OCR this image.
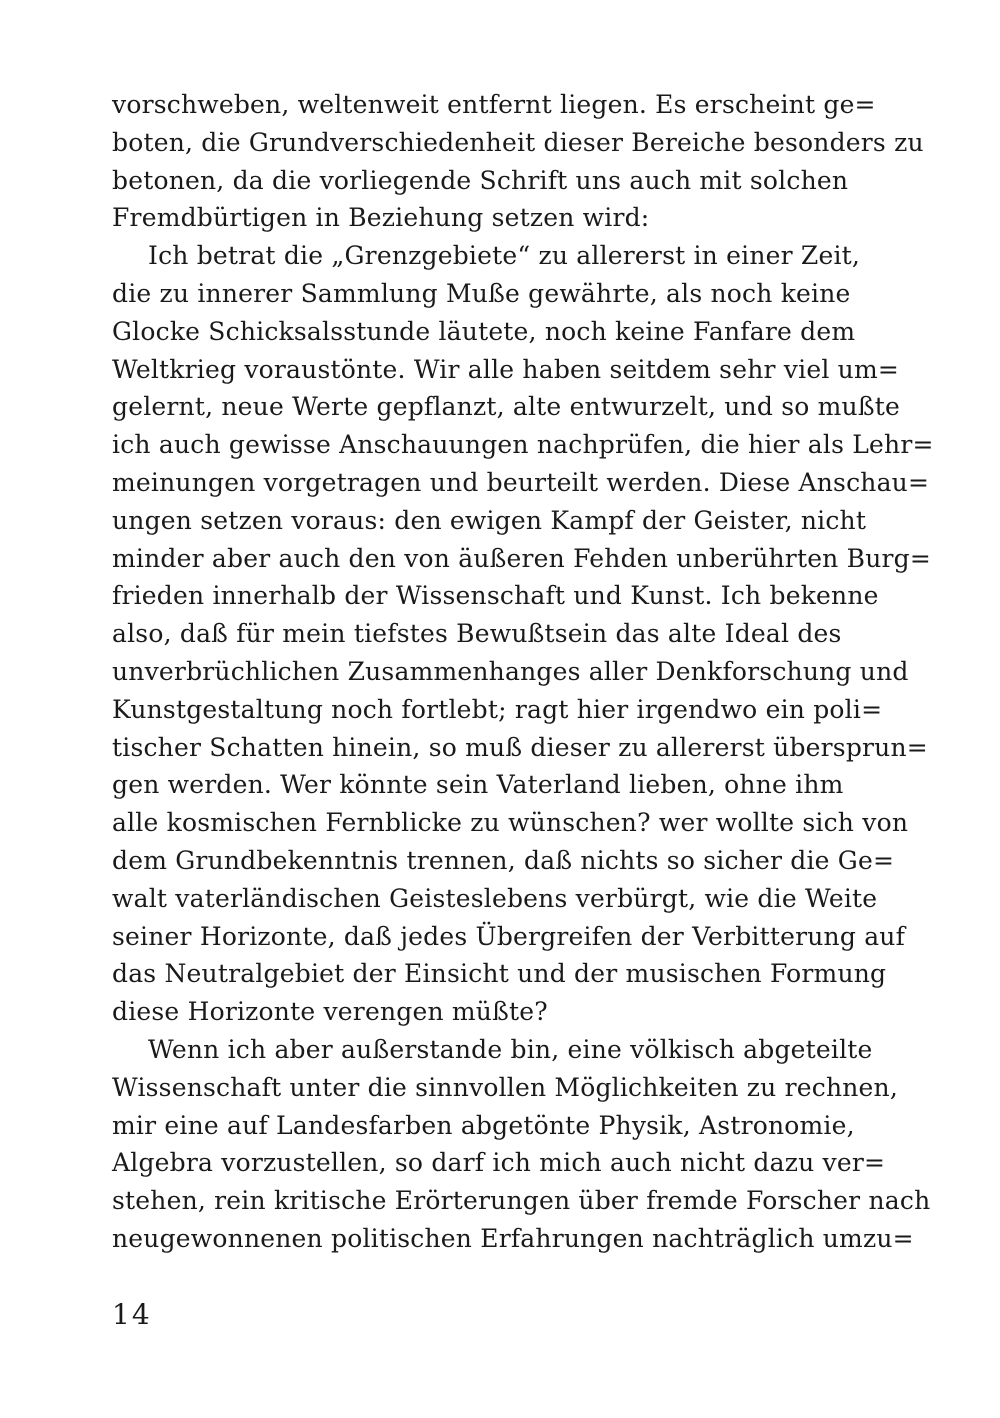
vorschweben, weltenweit entfernt liegen. Es erscheint ge=
boten, die Grundverschiedenheit dieser Bereiche besonders zu
betonen, da die vorliegende Schrift uns auch mit solchen
Fremdbürtigen in Beziehung setzen wird:
Ich betrat die „Grenzgebiete“ zu allererst in einer Zeit,
die zu innerer Sammlung Muße gewährte, als noch keine
Glocke Schicksalsstunde läutete, noch keine Fanfare dem
Weltkrieg voraustönte. Wir alle haben seitdem sehr viel um=
gelernt, neue Werte gepflanzt, alte entwurzelt, und so mußte
ich auch gewisse Anschauungen nachprüfen, die hier als Lehr=
meinungen vorgetragen und beurteilt werden. Diese Anschau=
ungen setzen voraus: den ewigen Kampf der Geister, nicht
minder aber auch den von äußeren Fehden unberührten Burg=
frieden innerhalb der Wissenschaft und Kunst. Ich bekenne
also, daß für mein tiefstes Bewußtsein das alte Ideal des
unverbrüchlichen Zusammenhanges aller Denkforschung und
Kunstgestaltung noch fortlebt; ragt hier irgendwo ein poli=
tischer Schatten hinein, so muß dieser zu allererst übersprun=
gen werden. Wer könnte sein Vaterland lieben, ohne ihm
alle kosmischen Fernblicke zu wünschen? wer wollte sich von
dem Grundbekenntnis trennen, daß nichts so sicher die Ge=
walt vaterländischen Geisteslebens verbürgt, wie die Weite
seiner Horizonte, daß jedes Übergreifen der Verbitterung auf
das Neutralgebiet der Einsicht und der musischen Formung
diese Horizonte verengen müßte?
Wenn ich aber außerstande bin, eine völkisch abgeteilte
Wissenschaft unter die sinnvollen Möglichkeiten zu rechnen,
mir eine auf Landesfarben abgetönte Physik, Astronomie,
Algebra vorzustellen, so darf ich mich auch nicht dazu ver=
stehen, rein kritische Erörterungen über fremde Forscher nach
neugewonnenen politischen Erfahrungen nachträglich umzu=
14
